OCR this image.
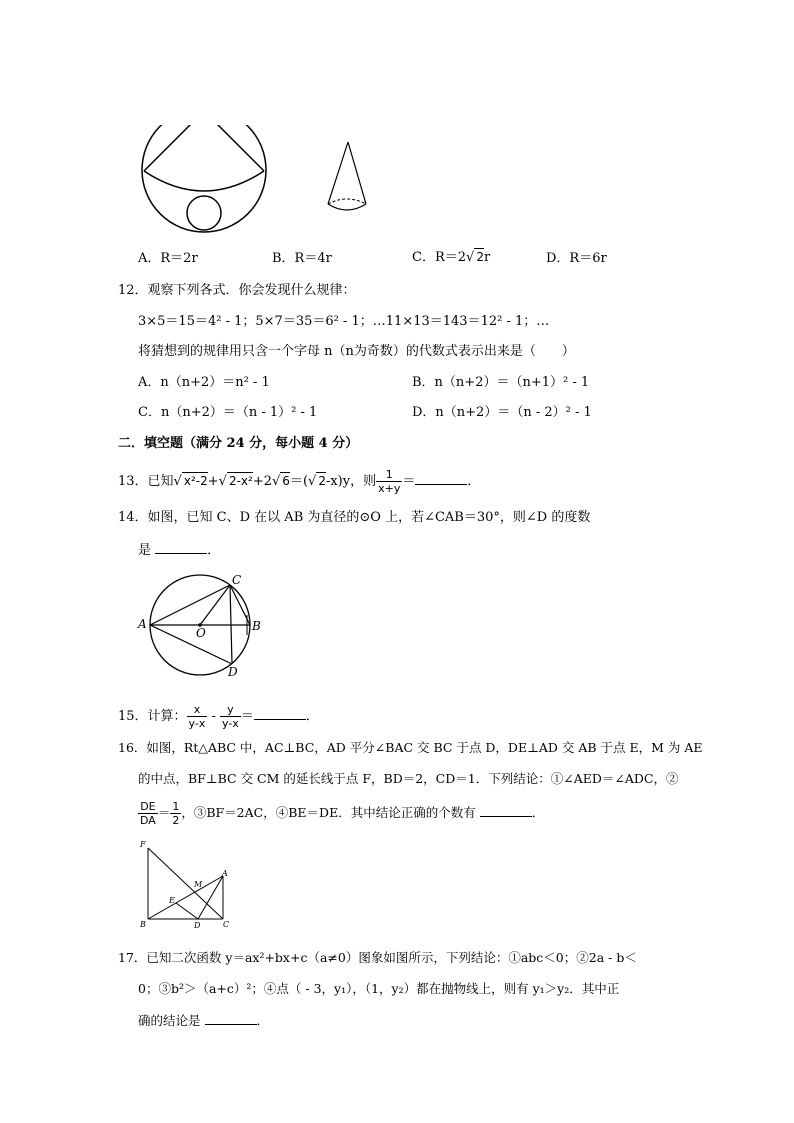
A．R＝2r	B．R＝4r	C．R＝2√ 2r	D．R＝6r
12．观察下列各式．你会发现什么规律：
3×5＝15＝4² - 1；5×7＝35＝6² - 1；…11×13＝143＝12² - 1；…
将猜想到的规律用只含一个字母 n（n为奇数）的代数式表示出来是（　　）
A．n（n+2）＝n² - 1	B．n（n+2）＝（n+1）² - 1
C．n（n+2）＝（n - 1）² - 1	D．n（n+2）＝（n - 2）² - 1
二．填空题（满分 24 分，每小题 4 分）
13．已知√ x²-2+√ 2-x²+2√ 6＝(√ 2-x)y，则 $\frac{1}{x+y}$ ＝	．
14．如图，已知 C、D 在以 AB 为直径的⊙O 上，若∠CAB＝30°，则∠D 的度数
是	．
A	B
C
D
O
15．计算： $\frac{x}{y-x} - \frac{y}{y-x}$ ＝	．
16．如图，Rt△ABC 中，AC⊥BC，AD 平分∠BAC 交 BC 于点 D，DE⊥AD 交 AB 于点 E，M 为 AE
的中点，BF⊥BC 交 CM 的延长线于点 F，BD＝2，CD＝1．下列结论：①∠AED＝∠ADC，②
$\frac{DE}{DA} = \frac{1}{2}$ ，③BF＝2AC，④BE＝DE．其中结论正确的个数有	．
F
M
A
E
B	D	C
17．已知二次函数 y＝ax²+bx+c（a≠0）图象如图所示，下列结论：①abc＜0；②2a - b＜
0；③b²＞（a+c）²；④点（ - 3，y₁），（1，y₂）都在抛物线上，则有 y₁＞y₂．其中正
确的结论是	．
